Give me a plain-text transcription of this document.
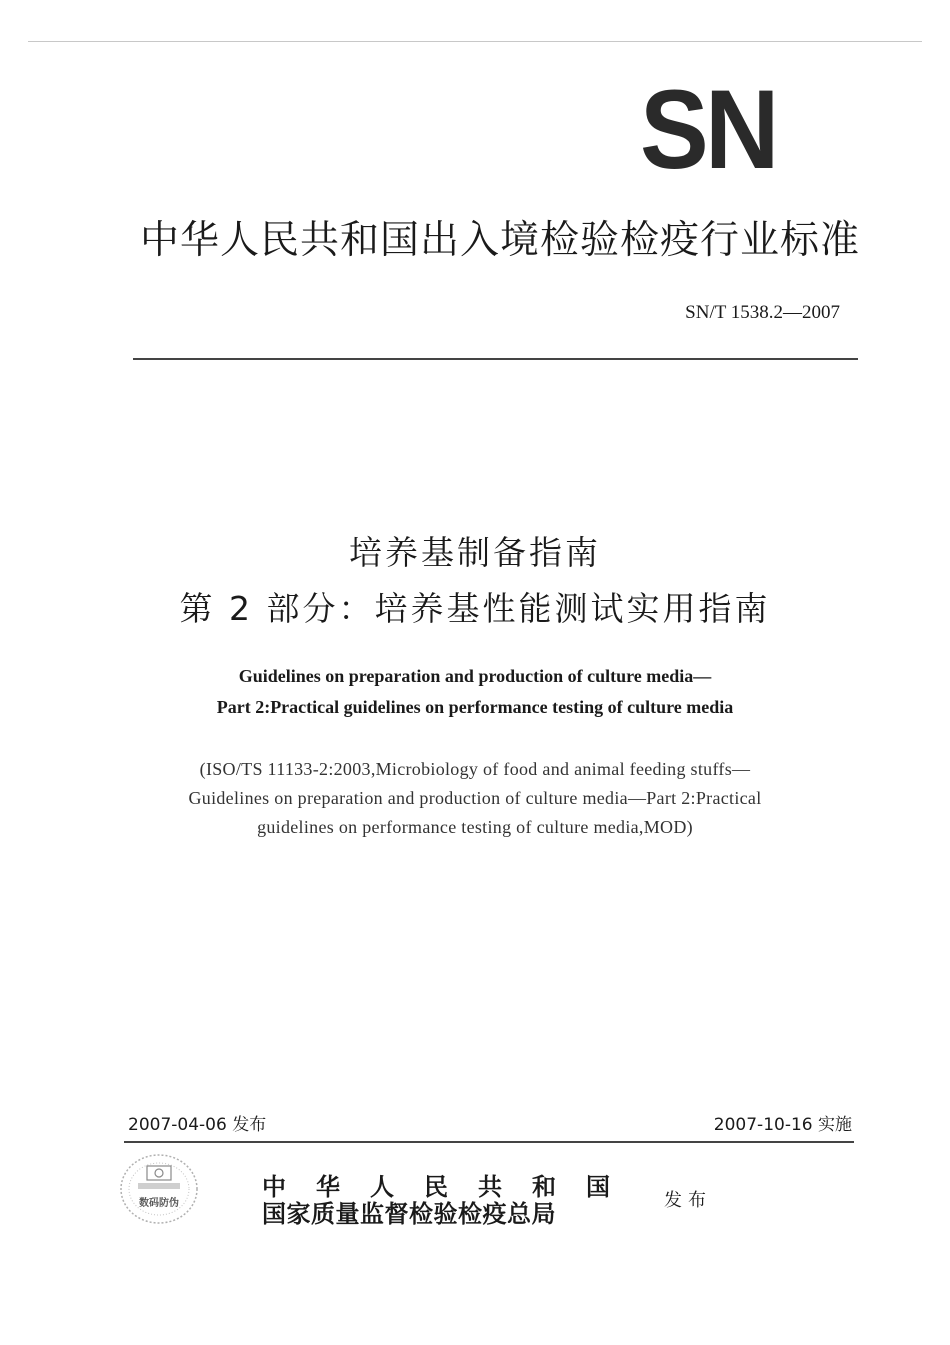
SN
中华人民共和国出入境检验检疫行业标准
SN/T 1538.2—2007
培养基制备指南
第 2 部分：培养基性能测试实用指南
Guidelines on preparation and production of culture media—
Part 2:Practical guidelines on performance testing of culture media
(ISO/TS 11133-2:2003,Microbiology of food and animal feeding stuffs—
Guidelines on preparation and production of culture media—Part 2:Practical
guidelines on performance testing of culture media,MOD)
2007-04-06 发布	2007-10-16 实施
数码防伪
中 华 人 民 共 和 国
国家质量监督检验检疫总局	发布
